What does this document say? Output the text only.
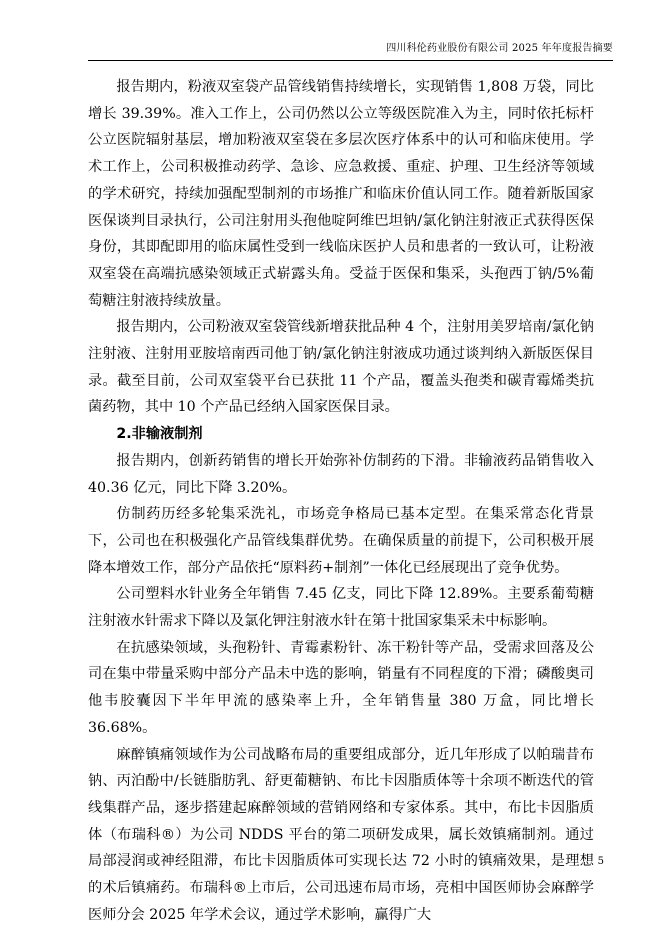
四川科伦药业股份有限公司 2025 年年度报告摘要

报告期内，粉液双室袋产品管线销售持续增长，实现销售 1,808 万袋，同比增长 39.39%。准入工作上，公司仍然以公立等级医院准入为主，同时依托标杆公立医院辐射基层，增加粉液双室袋在多层次医疗体系中的认可和临床使用。学术工作上，公司积极推动药学、急诊、应急救援、重症、护理、卫生经济等领域的学术研究，持续加强配型制剂的市场推广和临床价值认同工作。随着新版国家医保谈判目录执行，公司注射用头孢他啶阿维巴坦钠/氯化钠注射液正式获得医保身份，其即配即用的临床属性受到一线临床医护人员和患者的一致认可，让粉液双室袋在高端抗感染领域正式崭露头角。受益于医保和集采，头孢西丁钠/5%葡萄糖注射液持续放量。

报告期内，公司粉液双室袋管线新增获批品种 4 个，注射用美罗培南/氯化钠注射液、注射用亚胺培南西司他丁钠/氯化钠注射液成功通过谈判纳入新版医保目录。截至目前，公司双室袋平台已获批 11 个产品，覆盖头孢类和碳青霉烯类抗菌药物，其中 10 个产品已经纳入国家医保目录。

2.非输液制剂

报告期内，创新药销售的增长开始弥补仿制药的下滑。非输液药品销售收入 40.36 亿元，同比下降 3.20%。

仿制药历经多轮集采洗礼，市场竞争格局已基本定型。在集采常态化背景下，公司也在积极强化产品管线集群优势。在确保质量的前提下，公司积极开展降本增效工作，部分产品依托“原料药+制剂”一体化已经展现出了竞争优势。

公司塑料水针业务全年销售 7.45 亿支，同比下降 12.89%。主要系葡萄糖注射液水针需求下降以及氯化钾注射液水针在第十批国家集采未中标影响。

在抗感染领域，头孢粉针、青霉素粉针、冻干粉针等产品，受需求回落及公司在集中带量采购中部分产品未中选的影响，销量有不同程度的下滑；磷酸奥司他韦胶囊因下半年甲流的感染率上升，全年销售量 380 万盒，同比增长 36.68%。

麻醉镇痛领域作为公司战略布局的重要组成部分，近几年形成了以帕瑞昔布钠、丙泊酚中/长链脂肪乳、舒更葡糖钠、布比卡因脂质体等十余项不断迭代的管线集群产品，逐步搭建起麻醉领域的营销网络和专家体系。其中，布比卡因脂质体（布瑞科®）为公司 NDDS 平台的第二项研发成果，属长效镇痛制剂。通过局部浸润或神经阻滞，布比卡因脂质体可实现长达 72 小时的镇痛效果，是理想的术后镇痛药。布瑞科®上市后，公司迅速布局市场，亮相中国医师协会麻醉学医师分会 2025 年学术会议，通过学术影响，赢得广大

5
